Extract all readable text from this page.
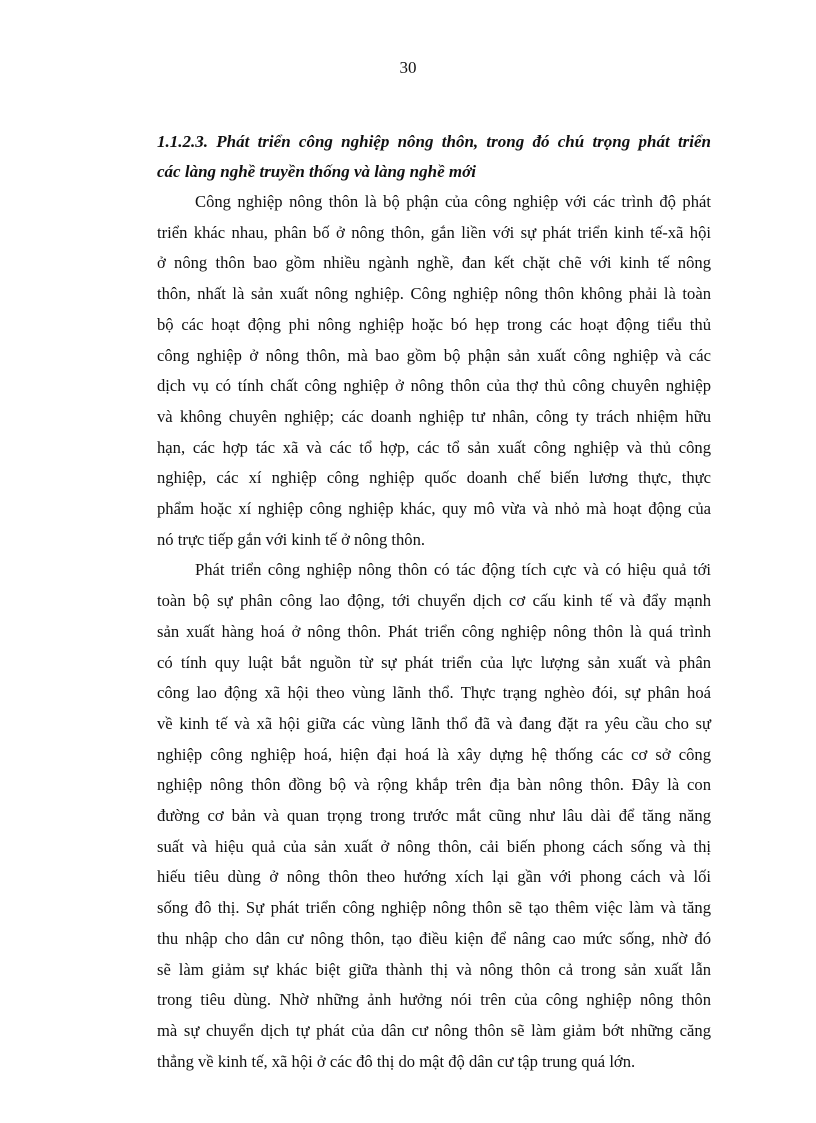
30
1.1.2.3. Phát triển công nghiệp nông thôn, trong đó chú trọng phát triển
các làng nghề truyền thống và làng nghề mới

Công nghiệp nông thôn là bộ phận của công nghiệp với các trình độ phát
triển khác nhau, phân bố ở nông thôn, gắn liền với sự phát triển kinh tế-xã hội
ở nông thôn bao gồm nhiều ngành nghề, đan kết chặt chẽ với kinh tế nông
thôn, nhất là sản xuất nông nghiệp. Công nghiệp nông thôn không phải là toàn
bộ các hoạt động phi nông nghiệp hoặc bó hẹp trong các hoạt động tiểu thủ
công nghiệp ở nông thôn, mà bao gồm bộ phận sản xuất công nghiệp và các
dịch vụ có tính chất công nghiệp ở nông thôn của thợ thủ công chuyên nghiệp
và không chuyên nghiệp; các doanh nghiệp tư nhân, công ty trách nhiệm hữu
hạn, các hợp tác xã và các tổ hợp, các tổ sản xuất công nghiệp và thủ công
nghiệp, các xí nghiệp công nghiệp quốc doanh chế biến lương thực, thực
phẩm hoặc xí nghiệp công nghiệp khác, quy mô vừa và nhỏ mà hoạt động của
nó trực tiếp gắn với kinh tế ở nông thôn.

Phát triển công nghiệp nông thôn có tác động tích cực và có hiệu quả tới
toàn bộ sự phân công lao động, tới chuyển dịch cơ cấu kinh tế và đẩy mạnh
sản xuất hàng hoá ở nông thôn. Phát triển công nghiệp nông thôn là quá trình
có tính quy luật bắt nguồn từ sự phát triển của lực lượng sản xuất và phân
công lao động xã hội theo vùng lãnh thổ. Thực trạng nghèo đói, sự phân hoá
về kinh tế và xã hội giữa các vùng lãnh thổ đã và đang đặt ra yêu cầu cho sự
nghiệp công nghiệp hoá, hiện đại hoá là xây dựng hệ thống các cơ sở công
nghiệp nông thôn đồng bộ và rộng khắp trên địa bàn nông thôn. Đây là con
đường cơ bản và quan trọng trong trước mắt cũng như lâu dài để tăng năng
suất và hiệu quả của sản xuất ở nông thôn, cải biến phong cách sống và thị
hiếu tiêu dùng ở nông thôn theo hướng xích lại gần với phong cách và lối
sống đô thị. Sự phát triển công nghiệp nông thôn sẽ tạo thêm việc làm và tăng
thu nhập cho dân cư nông thôn, tạo điều kiện để nâng cao mức sống, nhờ đó
sẽ làm giảm sự khác biệt giữa thành thị và nông thôn cả trong sản xuất lẫn
trong tiêu dùng. Nhờ những ảnh hưởng nói trên của công nghiệp nông thôn
mà sự chuyển dịch tự phát của dân cư nông thôn sẽ làm giảm bớt những căng
thẳng về kinh tế, xã hội ở các đô thị do mật độ dân cư tập trung quá lớn.
